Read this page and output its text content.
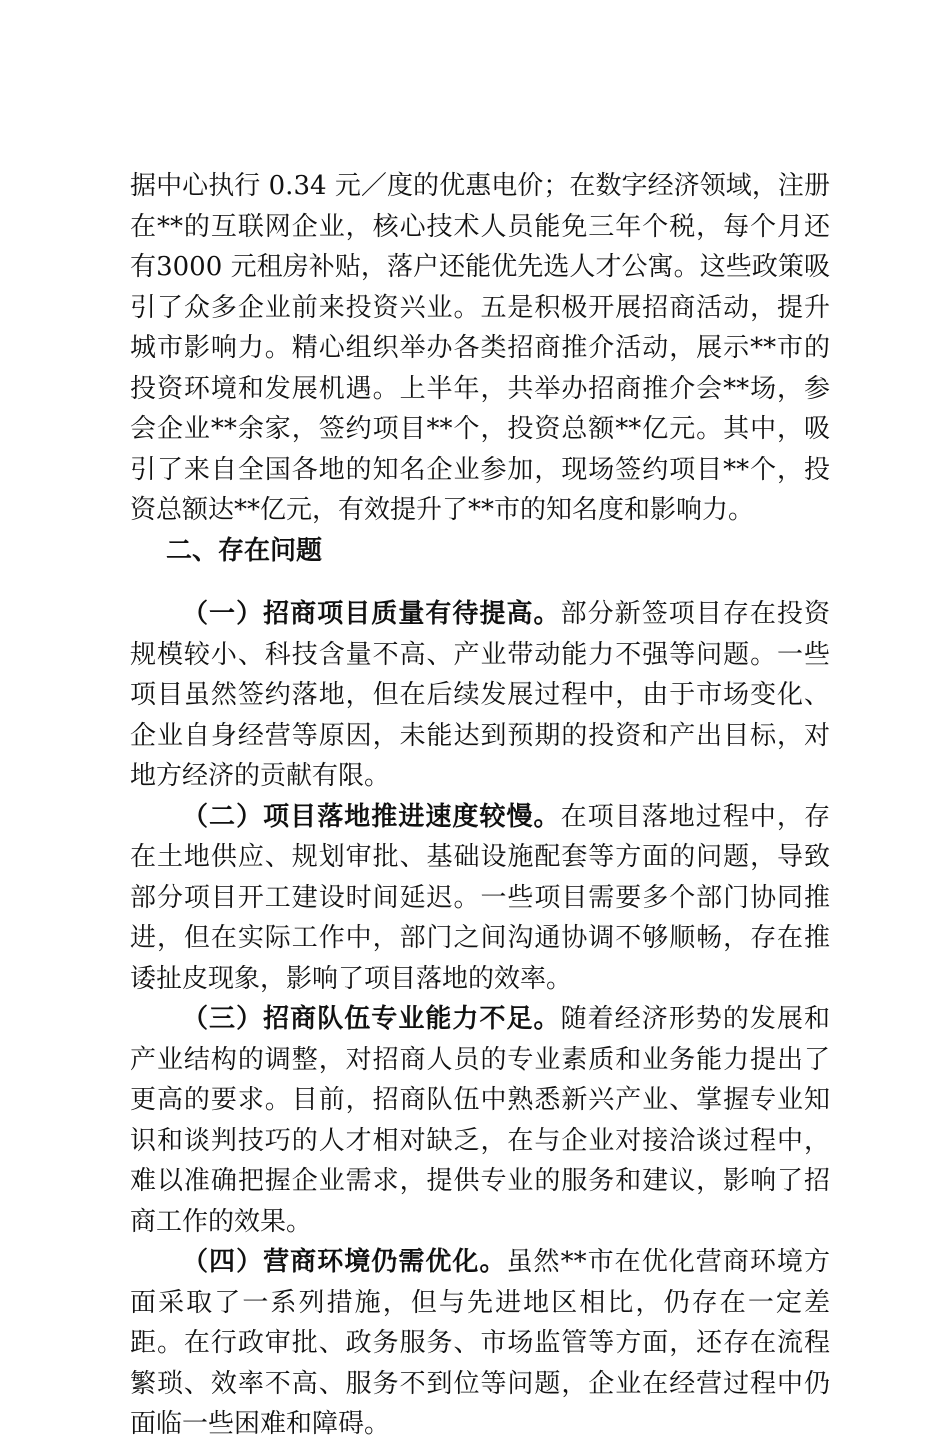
据中心执行 0.34 元／度的优惠电价；在数字经济领域，注册在**的互联网企业，核心技术人员能免三年个税，每个月还有3000 元租房补贴，落户还能优先选人才公寓。这些政策吸引了众多企业前来投资兴业。五是积极开展招商活动，提升城市影响力。精心组织举办各类招商推介活动，展示**市的投资环境和发展机遇。上半年，共举办招商推介会**场，参会企业**余家，签约项目**个，投资总额**亿元。其中，吸引了来自全国各地的知名企业参加，现场签约项目**个，投资总额达**亿元，有效提升了**市的知名度和影响力。

二、存在问题

（一）招商项目质量有待提高。部分新签项目存在投资规模较小、科技含量不高、产业带动能力不强等问题。一些项目虽然签约落地，但在后续发展过程中，由于市场变化、企业自身经营等原因，未能达到预期的投资和产出目标，对地方经济的贡献有限。

（二）项目落地推进速度较慢。在项目落地过程中，存在土地供应、规划审批、基础设施配套等方面的问题，导致部分项目开工建设时间延迟。一些项目需要多个部门协同推进，但在实际工作中，部门之间沟通协调不够顺畅，存在推诿扯皮现象，影响了项目落地的效率。

（三）招商队伍专业能力不足。随着经济形势的发展和产业结构的调整，对招商人员的专业素质和业务能力提出了更高的要求。目前，招商队伍中熟悉新兴产业、掌握专业知识和谈判技巧的人才相对缺乏，在与企业对接洽谈过程中，难以准确把握企业需求，提供专业的服务和建议，影响了招商工作的效果。

（四）营商环境仍需优化。虽然**市在优化营商环境方面采取了一系列措施，但与先进地区相比，仍存在一定差距。在行政审批、政务服务、市场监管等方面，还存在流程繁琐、效率不高、服务不到位等问题，企业在经营过程中仍面临一些困难和障碍。
